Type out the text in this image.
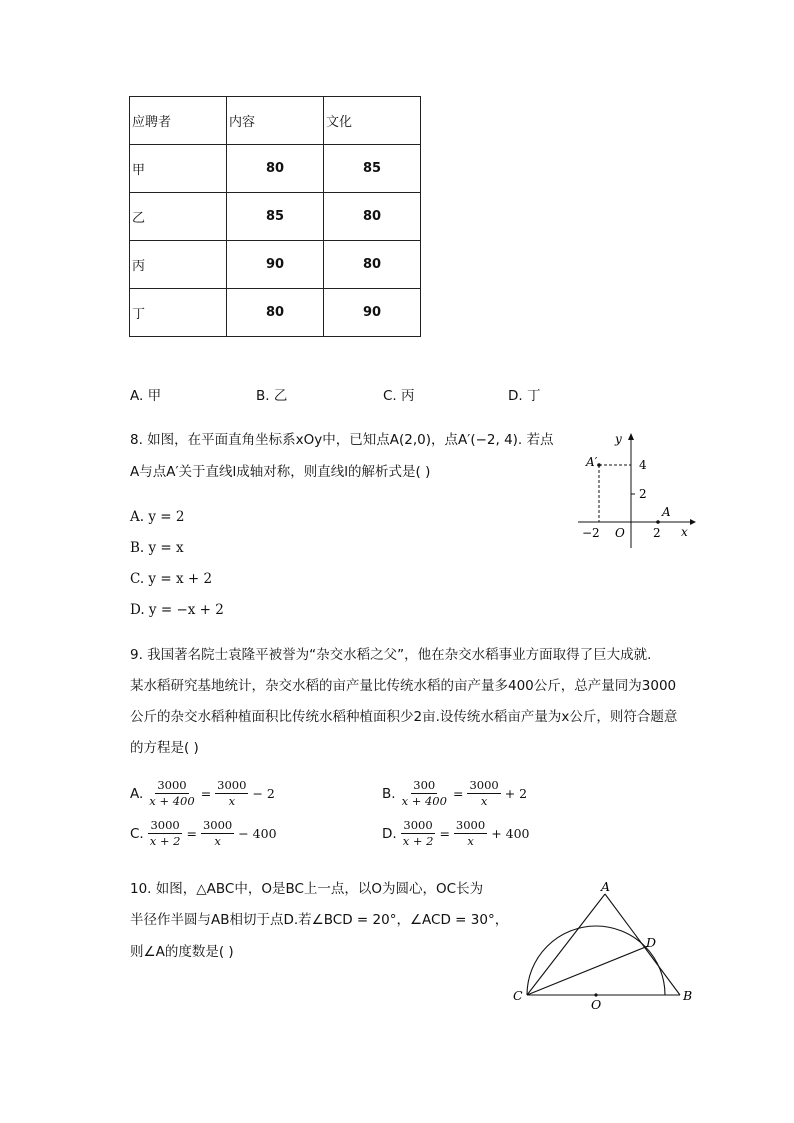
应聘者	内容	文化
甲	80	85
乙	85	80
丙	90	80
丁	80	90
A. 甲	B. 乙	C. 丙	D. 丁
8. 如图，在平面直角坐标系xOy中，已知点A(2,0)，点A′(−2, 4). 若点
A与点A′关于直线l成轴对称，则直线l的解析式是( )
A. y = 2
B. y = x
C. y = x + 2
D. y = −x + 2
y
x
O
A′
A
4
2
−2	2
9. 我国著名院士袁隆平被誉为“杂交水稻之父”，他在杂交水稻事业方面取得了巨大成就.
某水稻研究基地统计，杂交水稻的亩产量比传统水稻的亩产量多400公斤，总产量同为3000
公斤的杂交水稻种植面积比传统水稻种植面积少2亩.设传统水稻亩产量为x公斤，则符合题意
的方程是( )
A. $\frac{3000}{x + 400} = \frac{3000}{x} - 2$	B. $\frac{300}{x + 400} = \frac{3000}{x} + 2$
C. $\frac{3000}{x + 2} = \frac{3000}{x} - 400$	D. $\frac{3000}{x + 2} = \frac{3000}{x} + 400$
10. 如图，△ABC中，O是BC上一点，以O为圆心，OC长为
半径作半圆与AB相切于点D.若∠BCD = 20°，∠ACD = 30°，
则∠A的度数是( )
A
B
C
D
O
